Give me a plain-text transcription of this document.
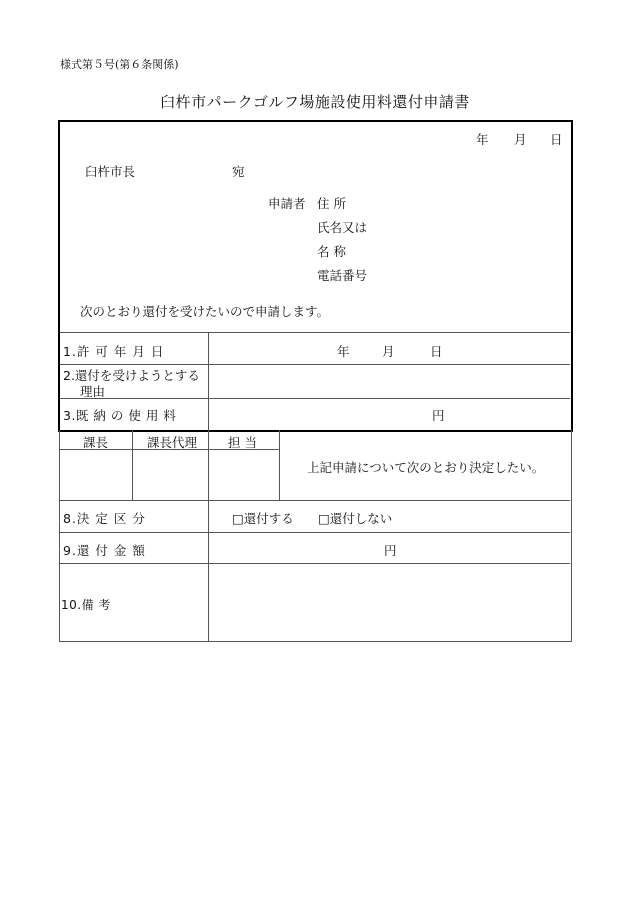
様式第５号(第６条関係)
臼杵市パークゴルフ場施設使用料還付申請書
年 月 日
臼杵市長	宛
申請者 住 所
氏名又は
名 称
電話番号
次のとおり還付を受けたいので申請します。
1.許 可 年 月 日	年	月	日
2.還付を受けようとする
理由
3.既 納 の 使 用 料	円
課長	課長代理 担 当
上記申請について次のとおり決定したい。
8.決 定 区 分	□還付する □還付しない
9.還 付 金 額	円
10.備 考
